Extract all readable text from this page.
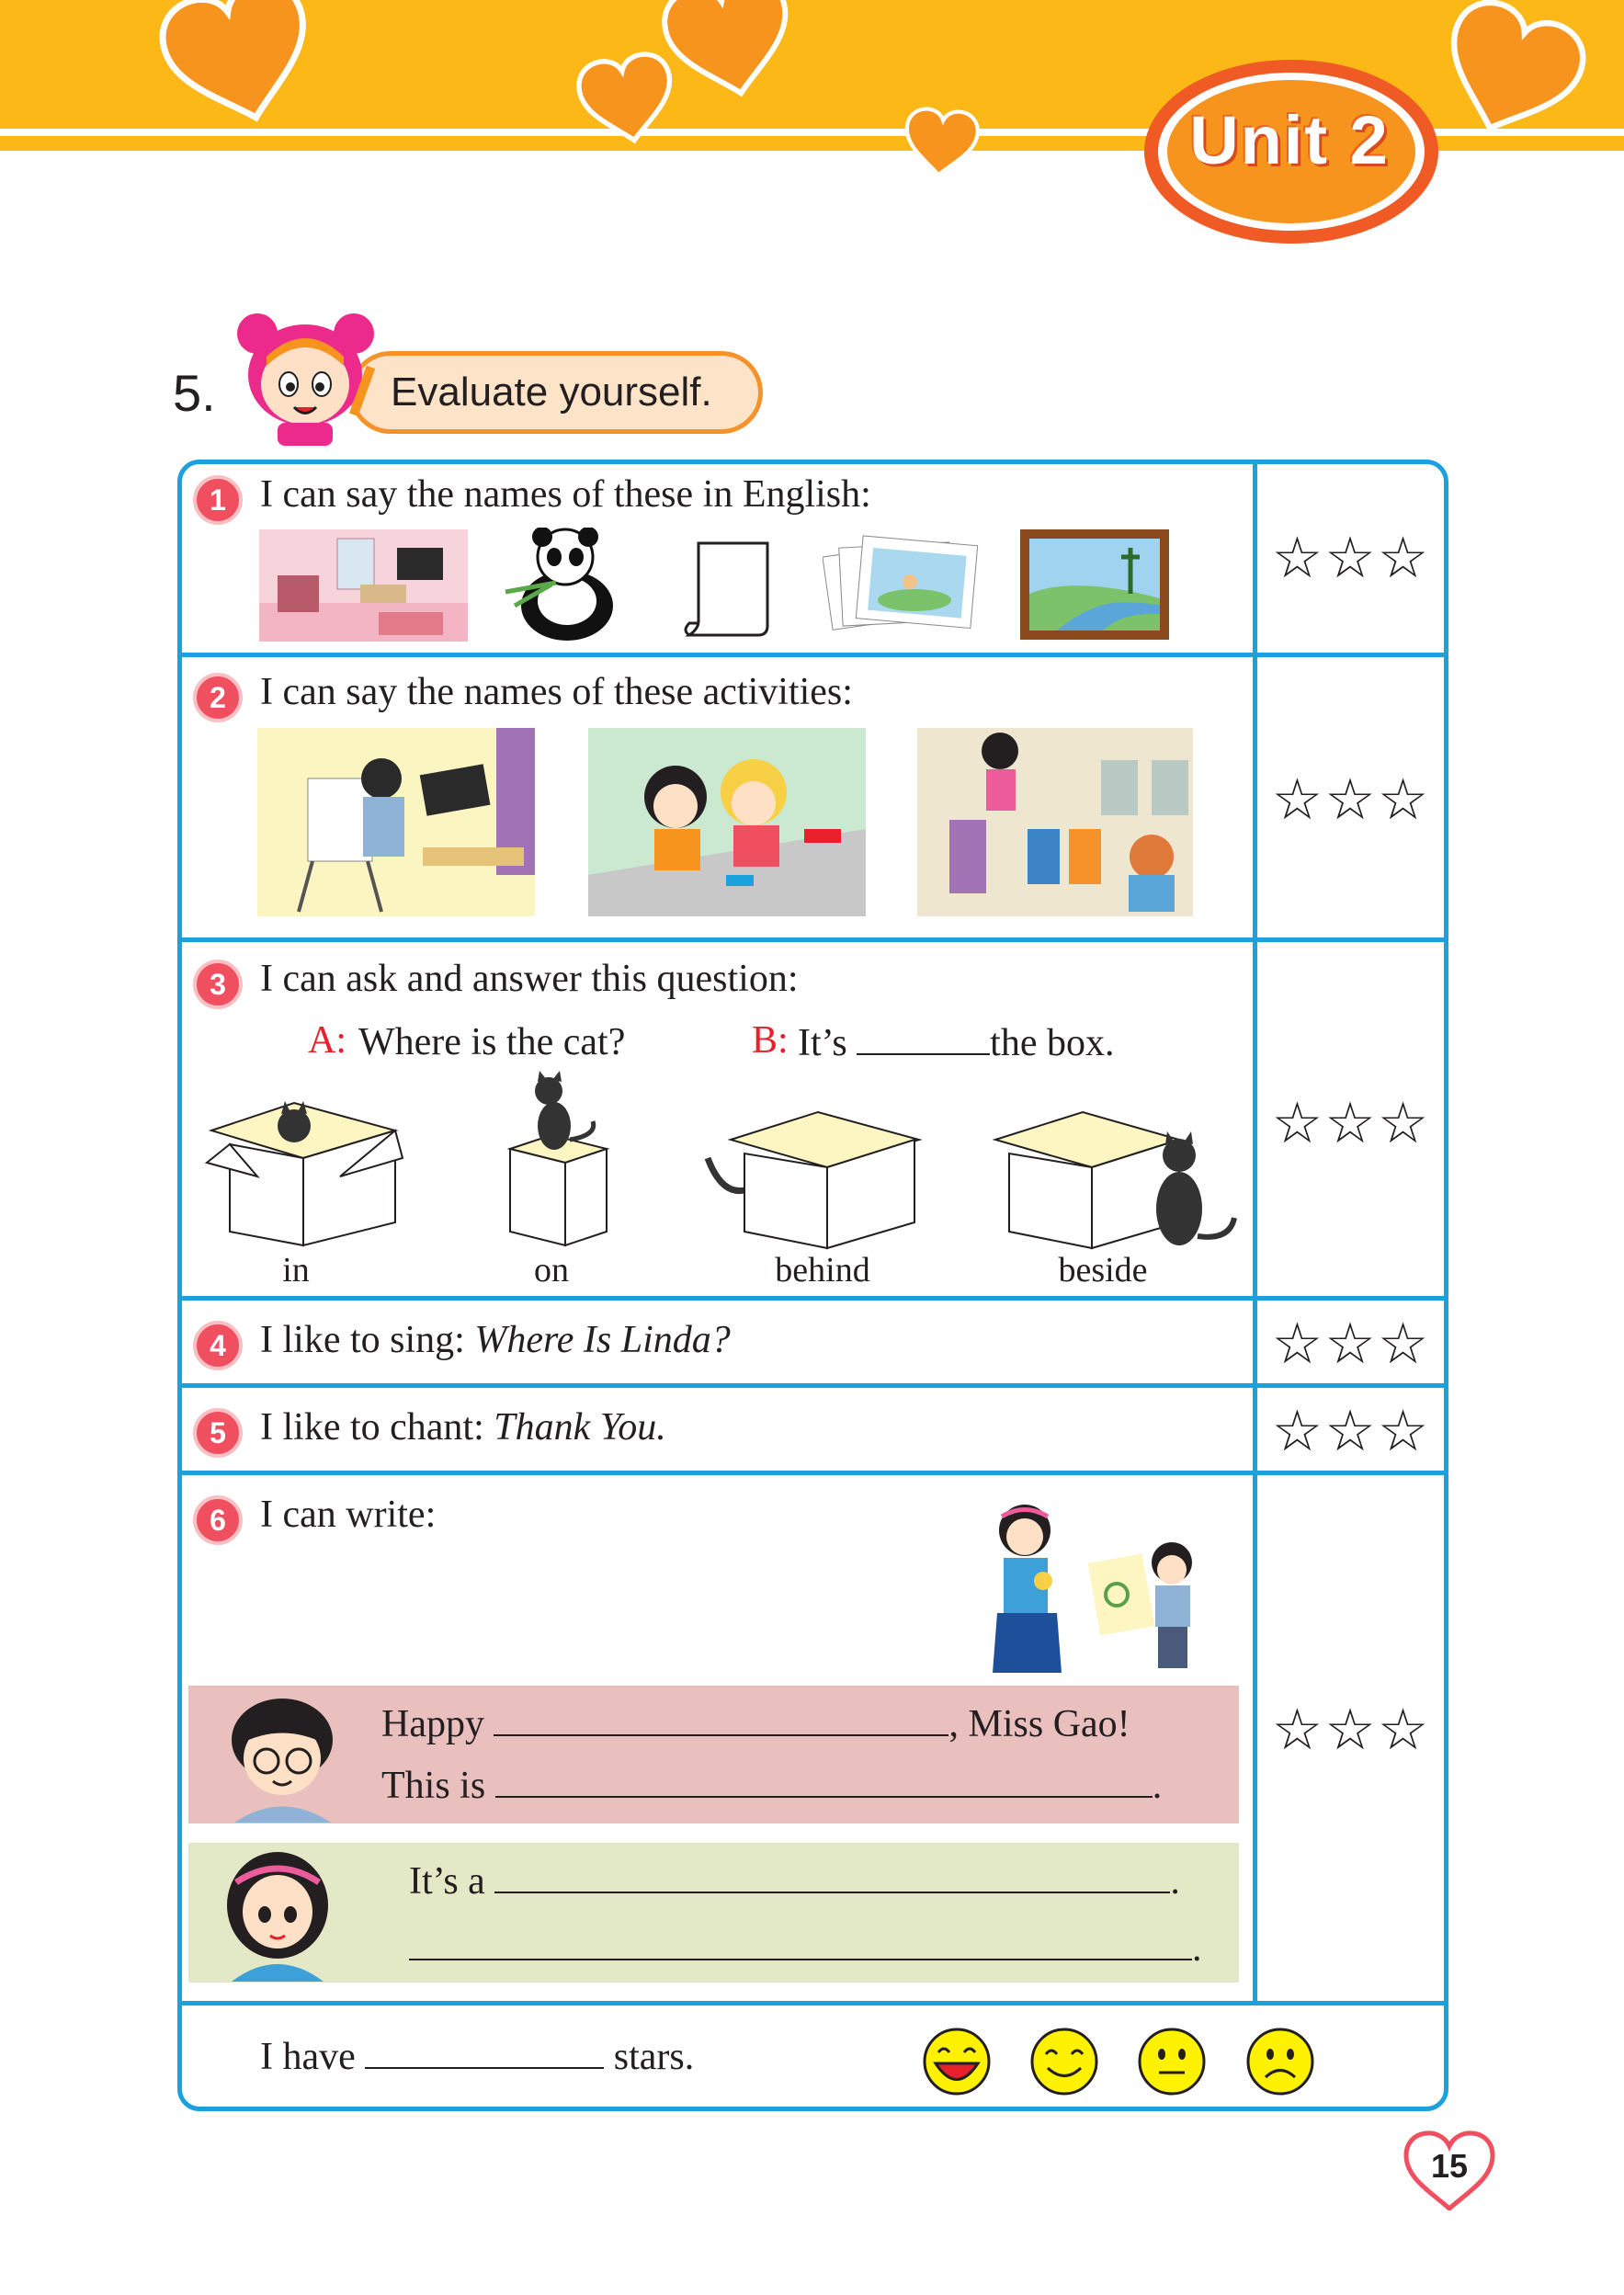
Unit 2
5.	Evaluate yourself.
1 I can say the names of these in English:
☆☆☆
2 I can say the names of these activities:
☆☆☆
3 I can ask and answer this question:
A: Where is the cat?	B: It’s	the box.
in	on	behind	beside
☆☆☆
4 I like to sing: Where Is Linda?	☆☆☆
5 I like to chant: Thank You.	☆☆☆
6 I can write:
Happy	, Miss Gao!
This is	.
It’s a	.
.
☆☆☆
I have	stars.
15
